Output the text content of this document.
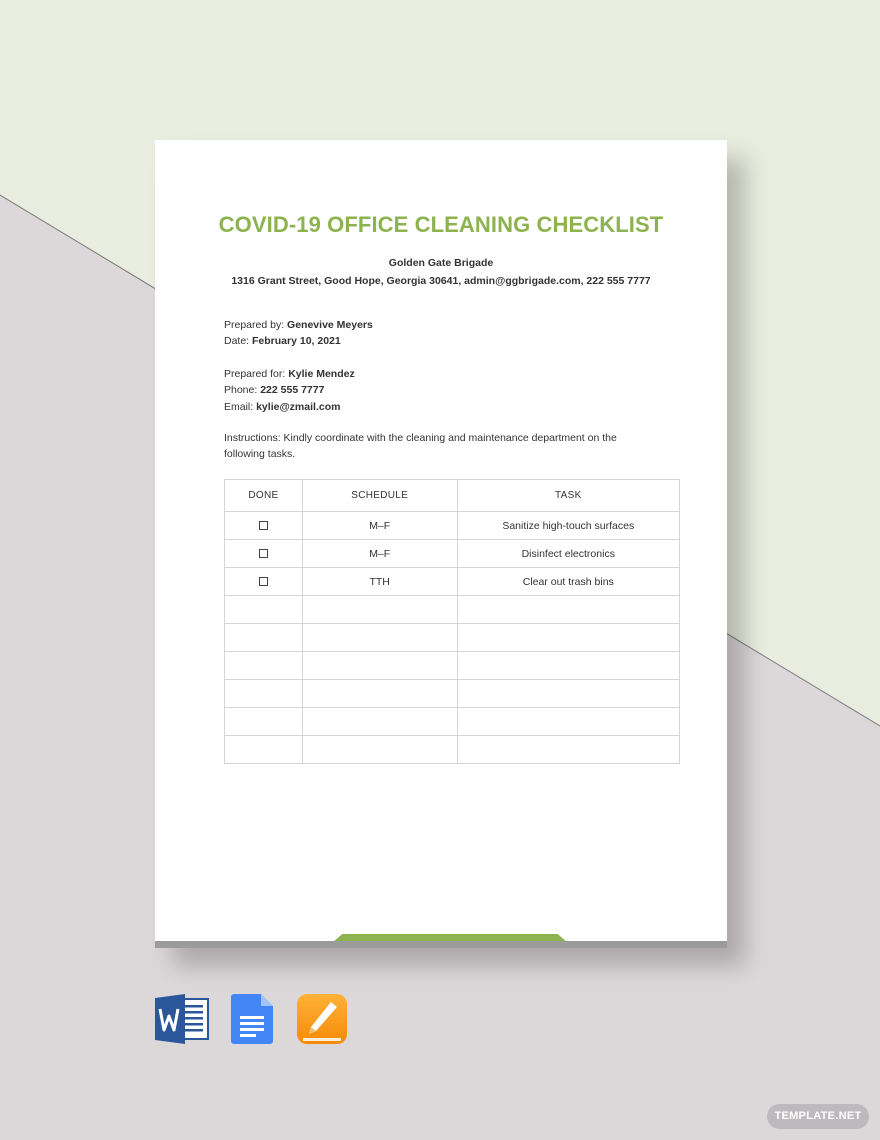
COVID-19 OFFICE CLEANING CHECKLIST
Golden Gate Brigade
1316 Grant Street, Good Hope, Georgia 30641, admin@ggbrigade.com, 222 555 7777
Prepared by: Genevive Meyers
Date: February 10, 2021
Prepared for: Kylie Mendez
Phone: 222 555 7777
Email: kylie@zmail.com
Instructions: Kindly coordinate with the cleaning and maintenance department on the following tasks.
DONE	SCHEDULE	TASK
	M–F	Sanitize high-touch surfaces
	M–F	Disinfect electronics
	TTH	Clear out trash bins

TEMPLATE.NET
